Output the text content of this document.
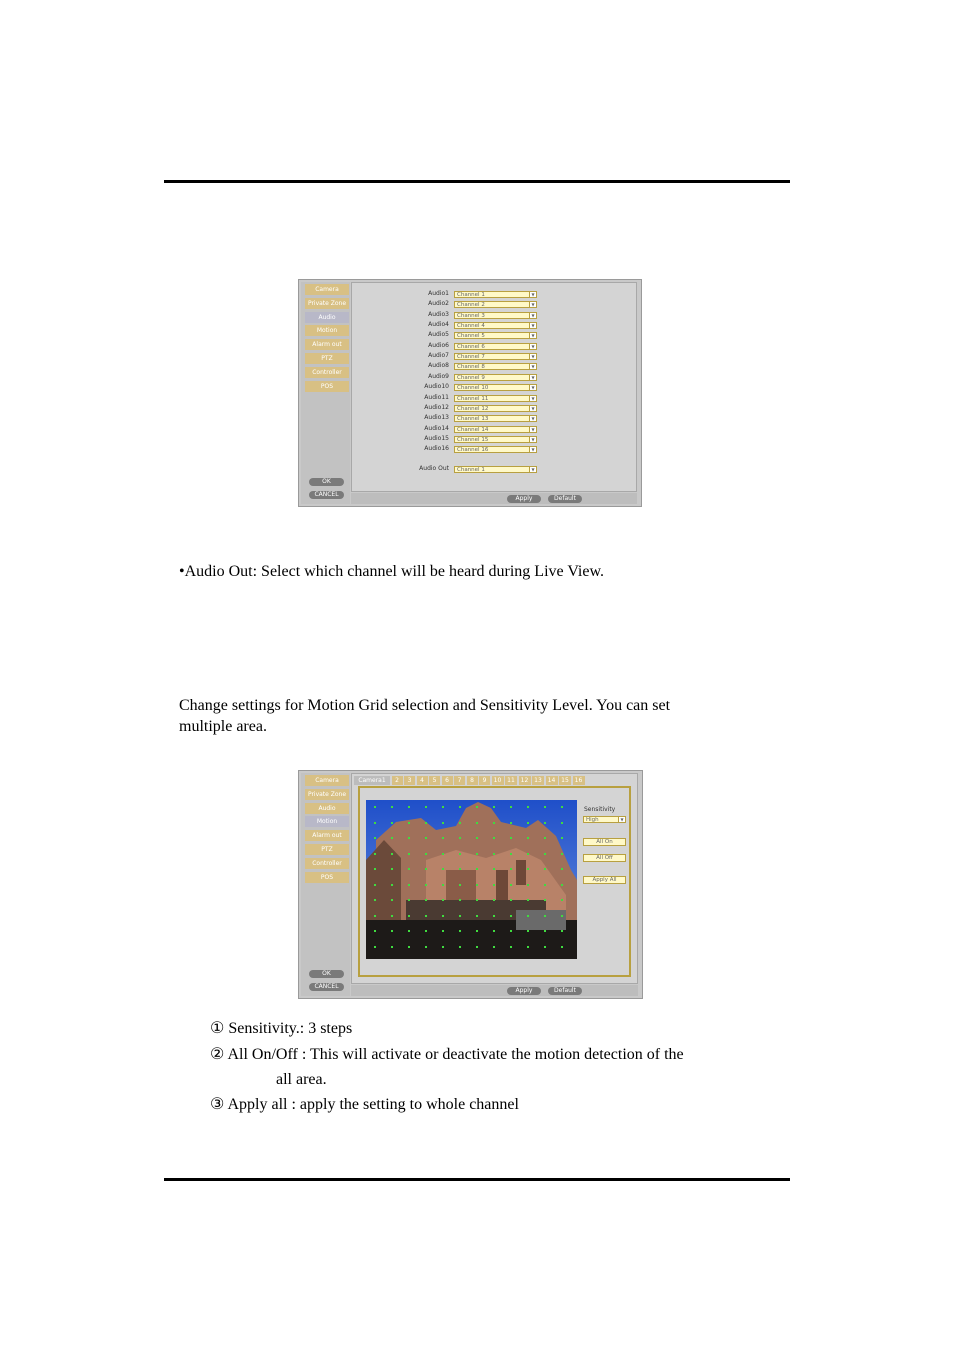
Camera
Private Zone
Audio
Motion
Alarm out
PTZ
Controller
POS
OK
CANCEL
Audio1	Channel 1	▼
Audio2	Channel 2	▼
Audio3	Channel 3	▼
Audio4	Channel 4	▼
Audio5	Channel 5	▼
Audio6	Channel 6	▼
Audio7	Channel 7	▼
Audio8	Channel 8	▼
Audio9	Channel 9	▼
Audio10	Channel 10	▼
Audio11	Channel 11	▼
Audio12	Channel 12	▼
Audio13	Channel 13	▼
Audio14	Channel 14	▼
Audio15	Channel 15	▼
Audio16	Channel 16	▼
Audio Out	Channel 1	▼
Apply	Default
•Audio Out: Select which channel will be heard during Live View.
Change settings for Motion Grid selection and Sensitivity Level. You can set
multiple area.
Camera
Private Zone
Audio
Motion
Alarm out
PTZ
Controller
POS
OK
CANCEL
Sensitivity
High	▼
All On
All Off
Apply All
Camera1	2	3	4	5	6	7	8	9	10 11 12 13 14 15 16
Apply	Default
① Sensitivity.: 3 steps
② All On/Off : This will activate or deactivate the motion detection of the
all area.
③ Apply all : apply the setting to whole channel
